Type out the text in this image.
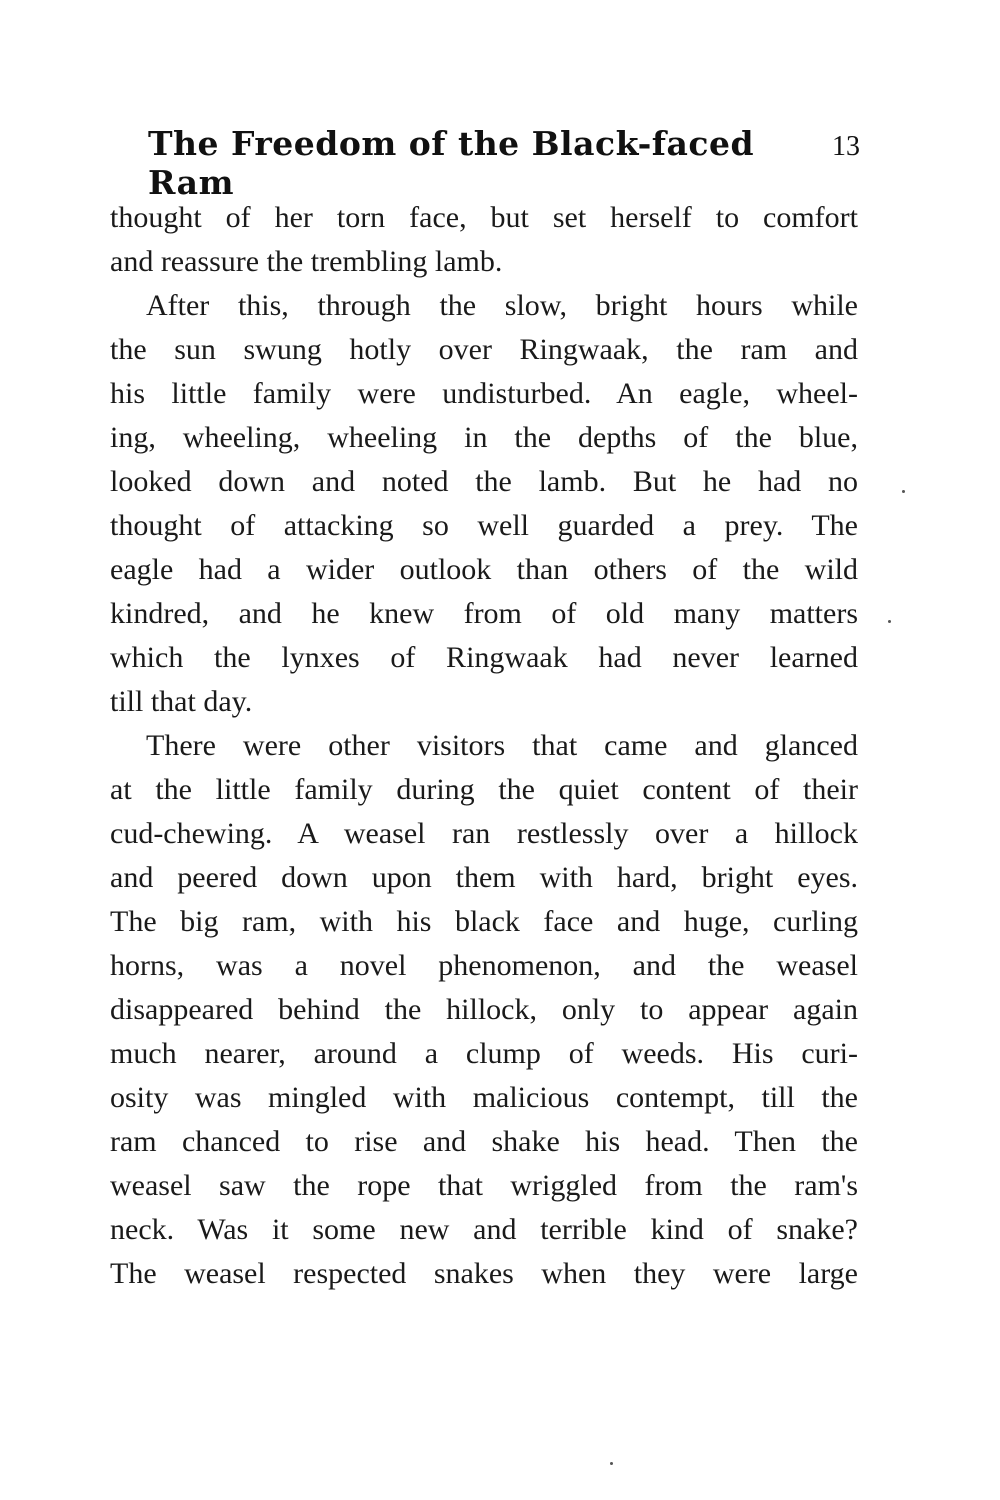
The Freedom of the Black-faced Ram
13
thought of her torn face, but set herself to comfort
and reassure the trembling lamb.
After this, through the slow, bright hours while
the sun swung hotly over Ringwaak, the ram and
his little family were undisturbed. An eagle, wheel-
ing, wheeling, wheeling in the depths of the blue,
looked down and noted the lamb. But he had no
thought of attacking so well guarded a prey. The
eagle had a wider outlook than others of the wild
kindred, and he knew from of old many matters
which the lynxes of Ringwaak had never learned
till that day.
There were other visitors that came and glanced
at the little family during the quiet content of their
cud-chewing. A weasel ran restlessly over a hillock
and peered down upon them with hard, bright eyes.
The big ram, with his black face and huge, curling
horns, was a novel phenomenon, and the weasel
disappeared behind the hillock, only to appear again
much nearer, around a clump of weeds. His curi-
osity was mingled with malicious contempt, till the
ram chanced to rise and shake his head. Then the
weasel saw the rope that wriggled from the ram's
neck. Was it some new and terrible kind of snake?
The weasel respected snakes when they were large
